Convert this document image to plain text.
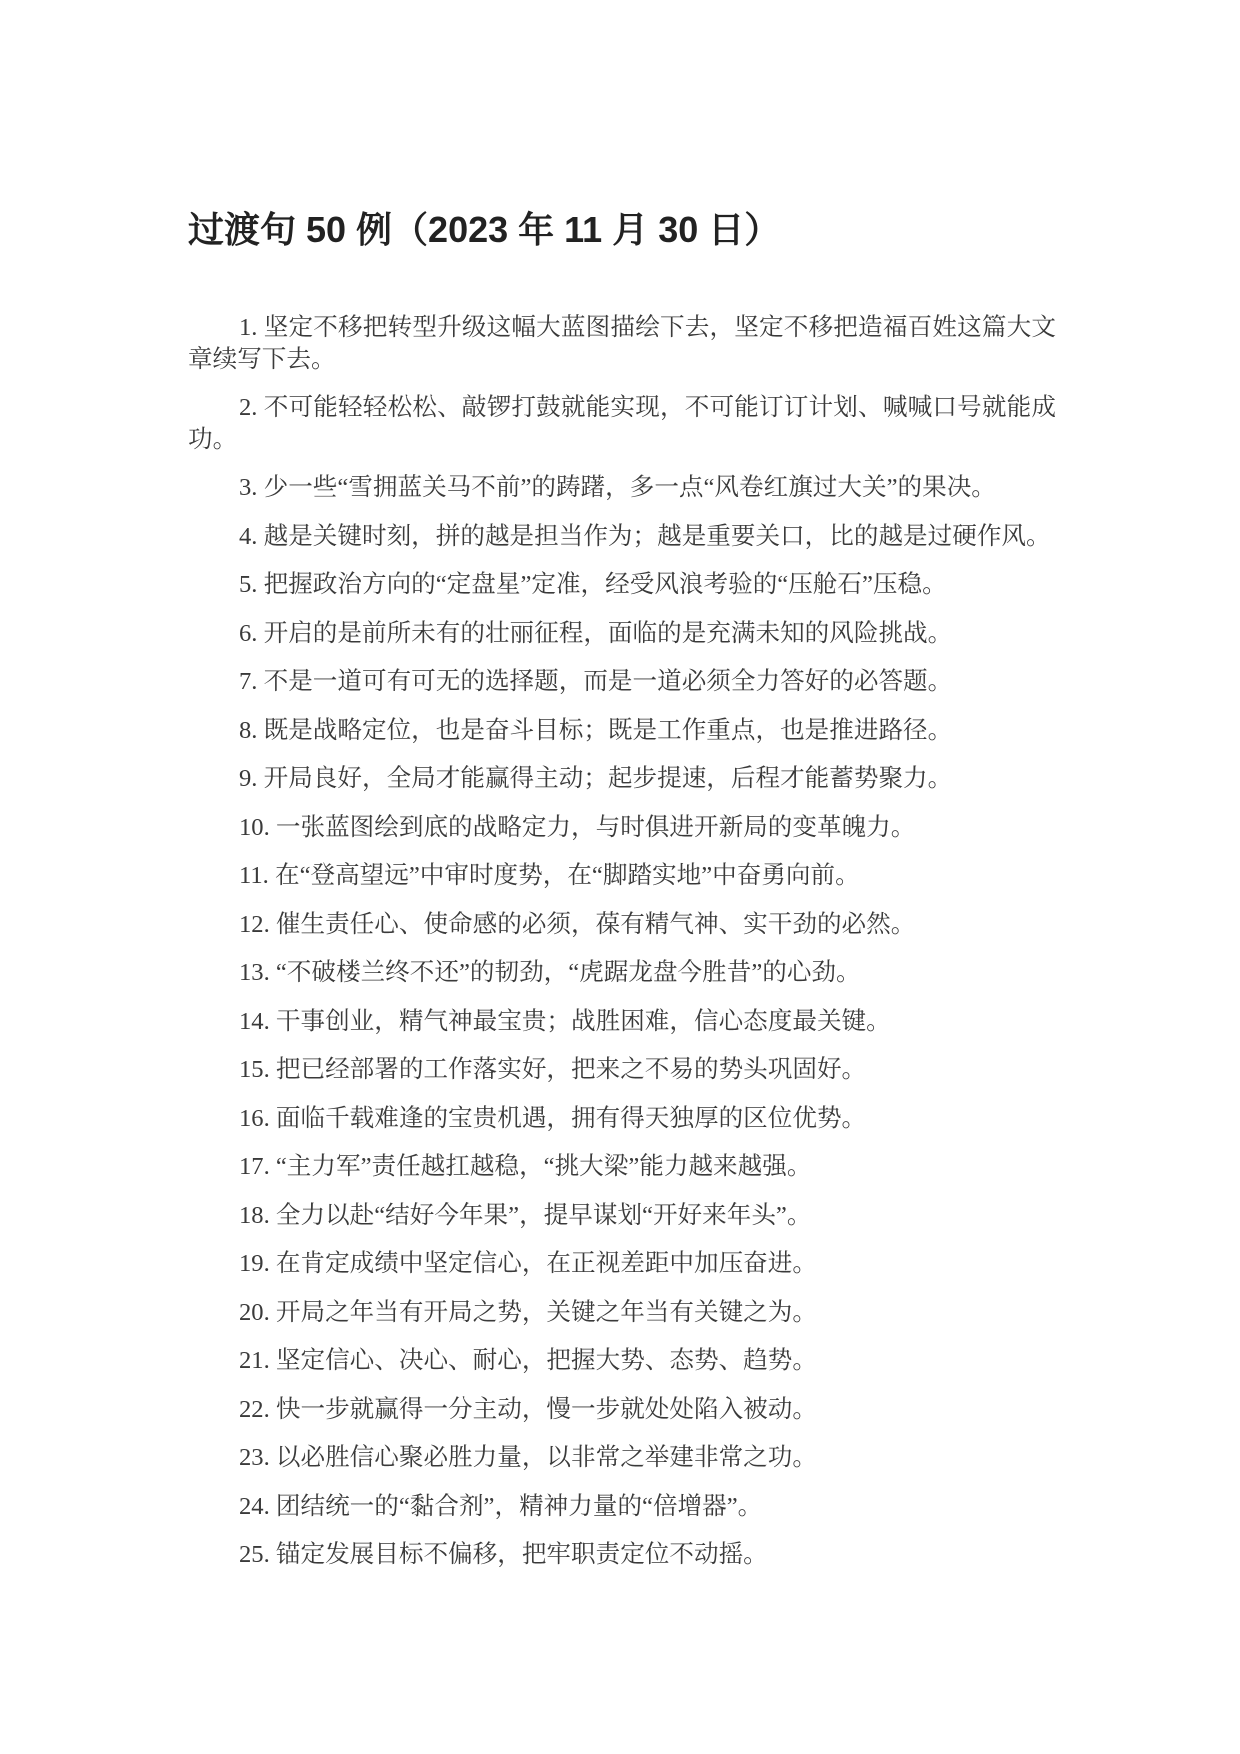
过渡句 50 例（2023 年 11 月 30 日）

1. 坚定不移把转型升级这幅大蓝图描绘下去，坚定不移把造福百姓这篇大文章续写下去。

2. 不可能轻轻松松、敲锣打鼓就能实现，不可能订订计划、喊喊口号就能成功。

3. 少一些“雪拥蓝关马不前”的踌躇，多一点“风卷红旗过大关”的果决。

4. 越是关键时刻，拼的越是担当作为；越是重要关口，比的越是过硬作风。

5. 把握政治方向的“定盘星”定准，经受风浪考验的“压舱石”压稳。

6. 开启的是前所未有的壮丽征程，面临的是充满未知的风险挑战。

7. 不是一道可有可无的选择题，而是一道必须全力答好的必答题。

8. 既是战略定位，也是奋斗目标；既是工作重点，也是推进路径。

9. 开局良好，全局才能赢得主动；起步提速，后程才能蓄势聚力。

10. 一张蓝图绘到底的战略定力，与时俱进开新局的变革魄力。

11. 在“登高望远”中审时度势，在“脚踏实地”中奋勇向前。

12. 催生责任心、使命感的必须，葆有精气神、实干劲的必然。

13. “不破楼兰终不还”的韧劲，“虎踞龙盘今胜昔”的心劲。

14. 干事创业，精气神最宝贵；战胜困难，信心态度最关键。

15. 把已经部署的工作落实好，把来之不易的势头巩固好。

16. 面临千载难逢的宝贵机遇，拥有得天独厚的区位优势。

17. “主力军”责任越扛越稳，“挑大梁”能力越来越强。

18. 全力以赴“结好今年果”，提早谋划“开好来年头”。

19. 在肯定成绩中坚定信心，在正视差距中加压奋进。

20. 开局之年当有开局之势，关键之年当有关键之为。

21. 坚定信心、决心、耐心，把握大势、态势、趋势。

22. 快一步就赢得一分主动，慢一步就处处陷入被动。

23. 以必胜信心聚必胜力量，以非常之举建非常之功。

24. 团结统一的“黏合剂”，精神力量的“倍增器”。

25. 锚定发展目标不偏移，把牢职责定位不动摇。
